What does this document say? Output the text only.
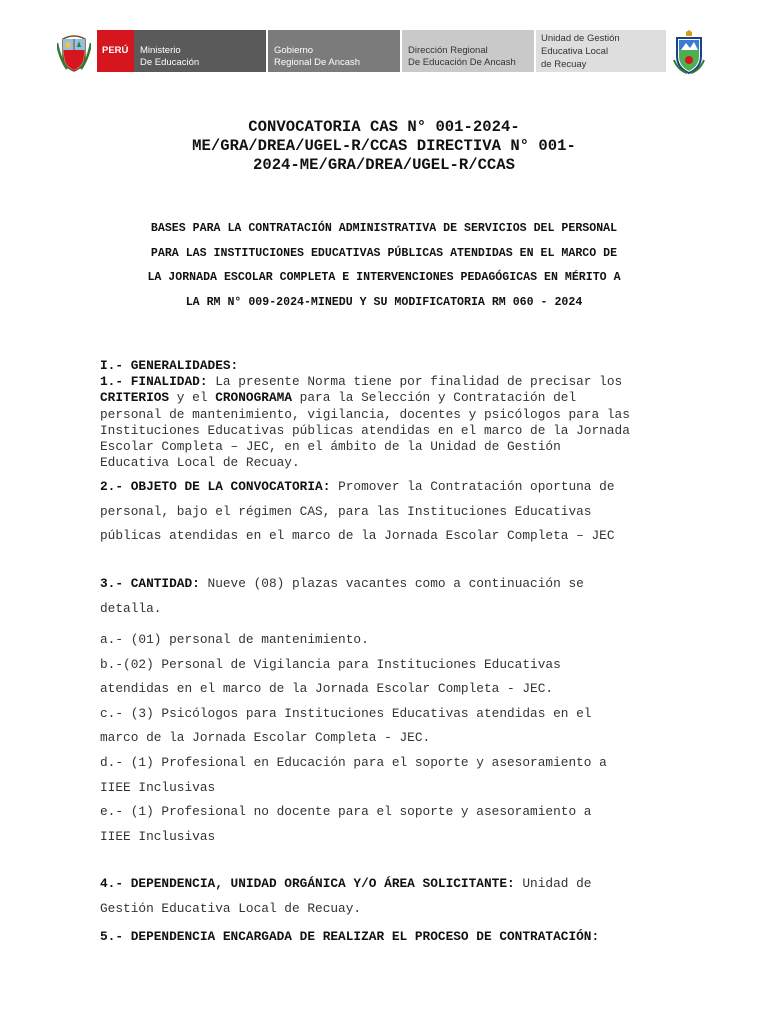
PERÚ Ministerio
De Educación
Gobierno
Regional De Ancash
Dirección Regional
De Educación De Ancash
Unidad de Gestión
Educativa Local
de Recuay
CONVOCATORIA CAS N° 001-2024-
ME/GRA/DREA/UGEL-R/CCAS DIRECTIVA N° 001-
2024-ME/GRA/DREA/UGEL-R/CCAS
BASES PARA LA CONTRATACIÓN ADMINISTRATIVA DE SERVICIOS DEL PERSONAL
PARA LAS INSTITUCIONES EDUCATIVAS PÚBLICAS ATENDIDAS EN EL MARCO DE
LA JORNADA ESCOLAR COMPLETA E INTERVENCIONES PEDAGÓGICAS EN MÉRITO A
LA RM N° 009-2024-MINEDU Y SU MODIFICATORIA RM 060 - 2024
I.- GENERALIDADES:
1.- FINALIDAD: La presente Norma tiene por finalidad de precisar los
CRITERIOS y el CRONOGRAMA para la Selección y Contratación del
personal de mantenimiento, vigilancia, docentes y psicólogos para las
Instituciones Educativas públicas atendidas en el marco de la Jornada
Escolar Completa – JEC, en el ámbito de la Unidad de Gestión
Educativa Local de Recuay.
2.- OBJETO DE LA CONVOCATORIA: Promover la Contratación oportuna de
personal, bajo el régimen CAS, para las Instituciones Educativas
públicas atendidas en el marco de la Jornada Escolar Completa – JEC
3.- CANTIDAD: Nueve (08) plazas vacantes como a continuación se
detalla.
a.- (01) personal de mantenimiento.
b.-(02) Personal de Vigilancia para Instituciones Educativas
atendidas en el marco de la Jornada Escolar Completa - JEC.
c.- (3) Psicólogos para Instituciones Educativas atendidas en el
marco de la Jornada Escolar Completa - JEC.
d.- (1) Profesional en Educación para el soporte y asesoramiento a
IIEE Inclusivas
e.- (1) Profesional no docente para el soporte y asesoramiento a
IIEE Inclusivas
4.- DEPENDENCIA, UNIDAD ORGÁNICA Y/O ÁREA SOLICITANTE: Unidad de
Gestión Educativa Local de Recuay.
5.- DEPENDENCIA ENCARGADA DE REALIZAR EL PROCESO DE CONTRATACIÓN:
